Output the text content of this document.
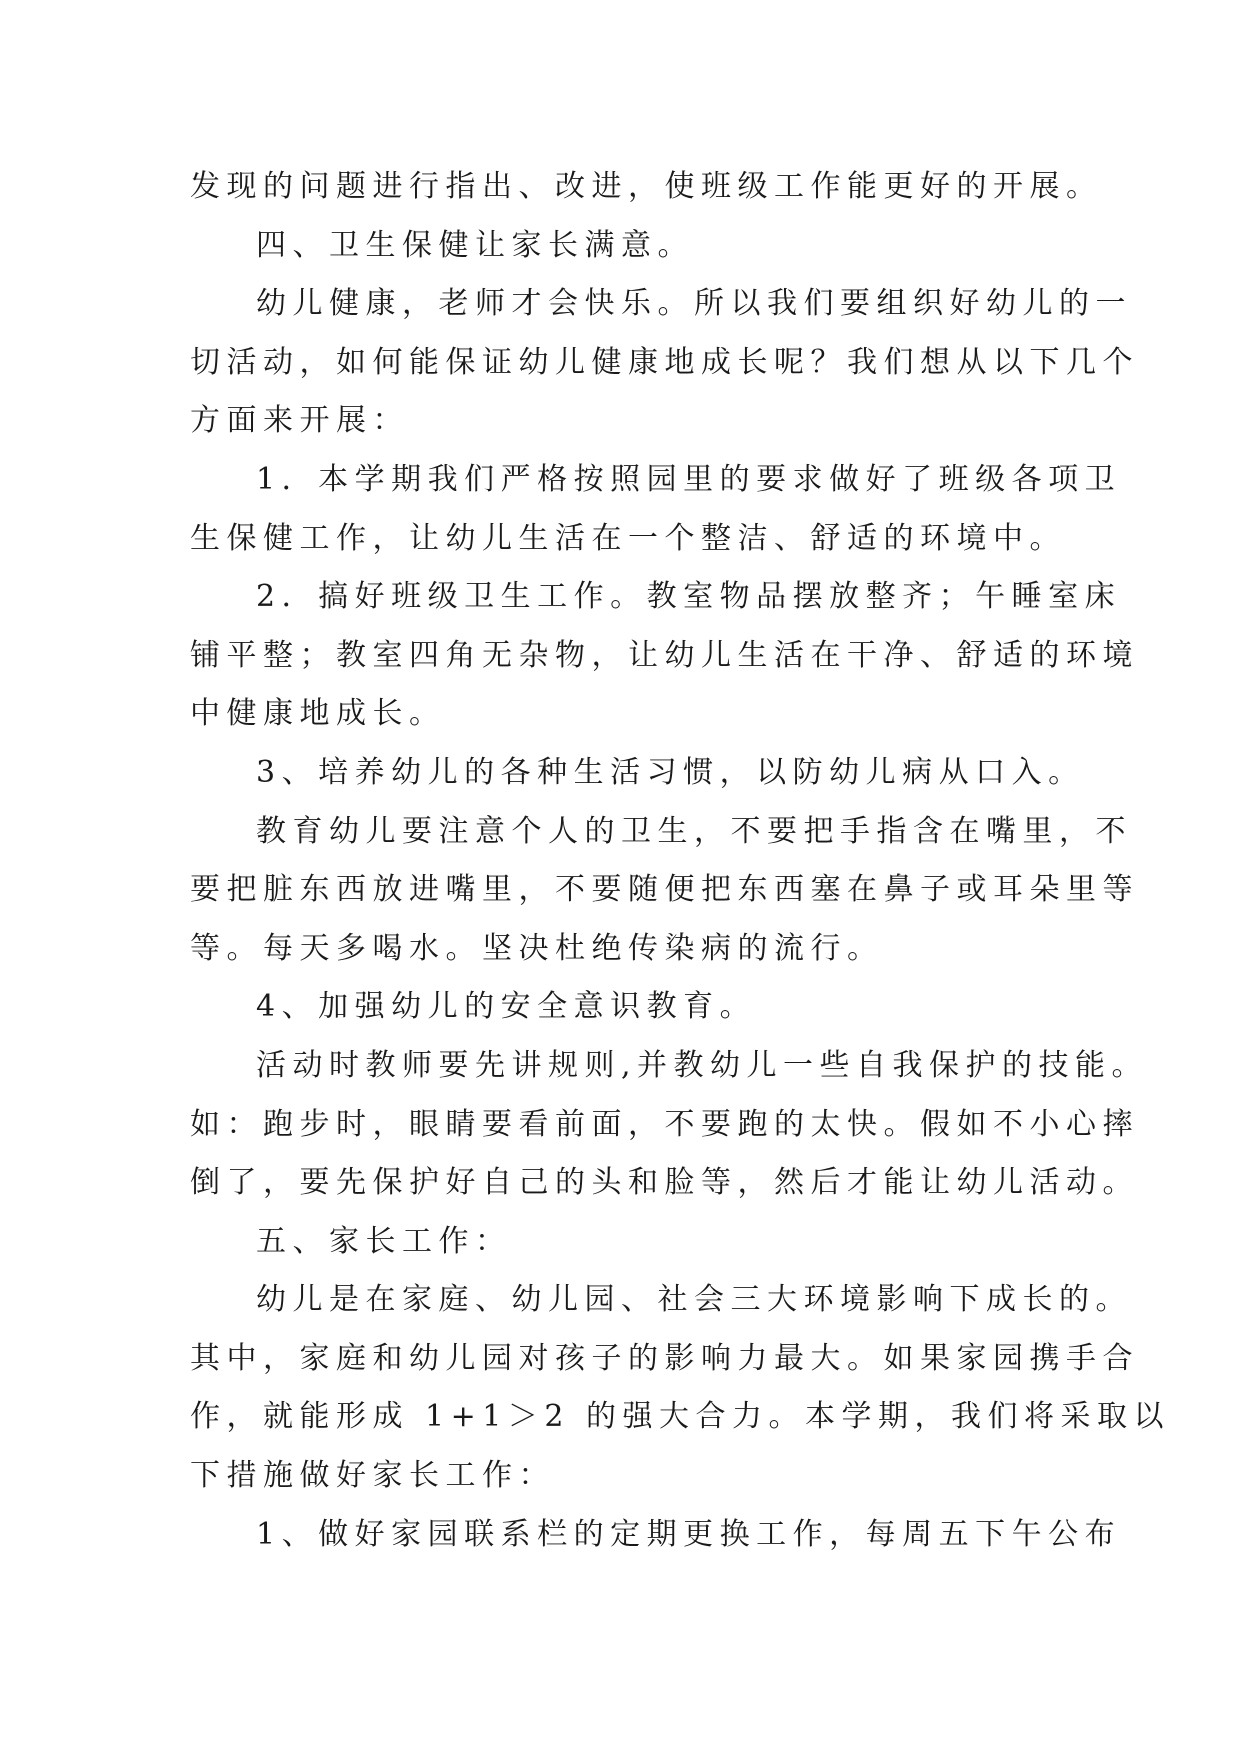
发现的问题进行指出、改进，使班级工作能更好的开展。
四、卫生保健让家长满意。
幼儿健康，老师才会快乐。所以我们要组织好幼儿的一
切活动，如何能保证幼儿健康地成长呢？我们想从以下几个
方面来开展：
1．本学期我们严格按照园里的要求做好了班级各项卫
生保健工作，让幼儿生活在一个整洁、舒适的环境中。
2．搞好班级卫生工作。教室物品摆放整齐；午睡室床
铺平整；教室四角无杂物，让幼儿生活在干净、舒适的环境
中健康地成长。
3、培养幼儿的各种生活习惯，以防幼儿病从口入。
教育幼儿要注意个人的卫生，不要把手指含在嘴里，不
要把脏东西放进嘴里，不要随便把东西塞在鼻子或耳朵里等
等。每天多喝水。坚决杜绝传染病的流行。
4、加强幼儿的安全意识教育。
活动时教师要先讲规则,并教幼儿一些自我保护的技能。
如：跑步时，眼睛要看前面，不要跑的太快。假如不小心摔
倒了，要先保护好自己的头和脸等，然后才能让幼儿活动。
五、家长工作：
幼儿是在家庭、幼儿园、社会三大环境影响下成长的。
其中，家庭和幼儿园对孩子的影响力最大。如果家园携手合
作，就能形成 1+1＞2 的强大合力。本学期，我们将采取以
下措施做好家长工作：
1、做好家园联系栏的定期更换工作，每周五下午公布
